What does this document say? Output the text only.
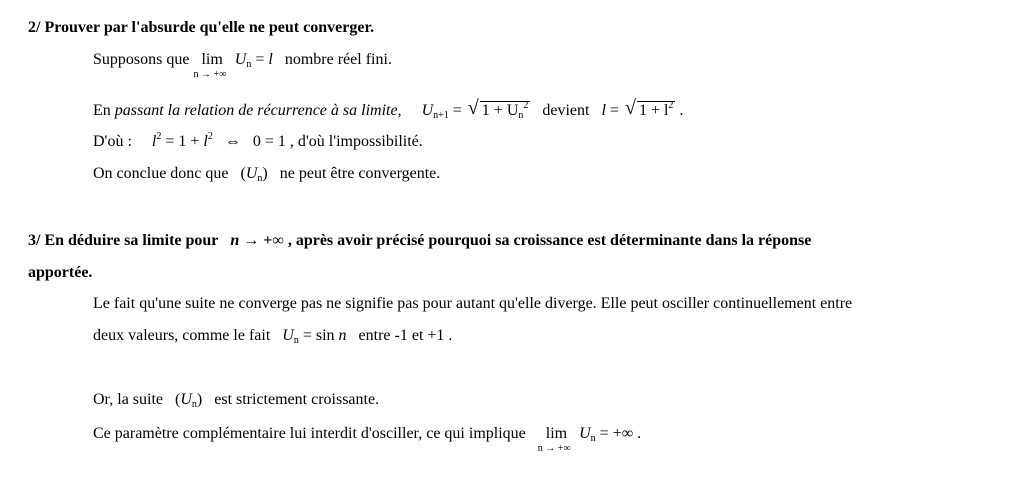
2/ Prouver par l'absurde qu'elle ne peut converger.
Supposons que lim
n → +∞
$U_n = l$ nombre réel fini.
En passant la relation de récurrence à sa limite, $U_{n+1}$ = √ $1 + U_n^2$ devient l = √ $1 + l^2$ .
D'où : $l^2 = 1 + l^2$ ⇔ 0 = 1 , d'où l'impossibilité.
On conclue donc que $(U_n)$ ne peut être convergente.
3/ En déduire sa limite pour n → +∞ , après avoir précisé pourquoi sa croissance est déterminante dans la réponse
apportée.
Le fait qu'une suite ne converge pas ne signifie pas pour autant qu'elle diverge. Elle peut osciller continuellement entre
deux valeurs, comme le fait $U_n = \sin n$ entre -1 et +1 .
Or, la suite $(U_n)$ est strictement croissante.
Ce paramètre complémentaire lui interdit d'osciller, ce qui implique lim
n → +∞
$U_n$ = +∞ .
